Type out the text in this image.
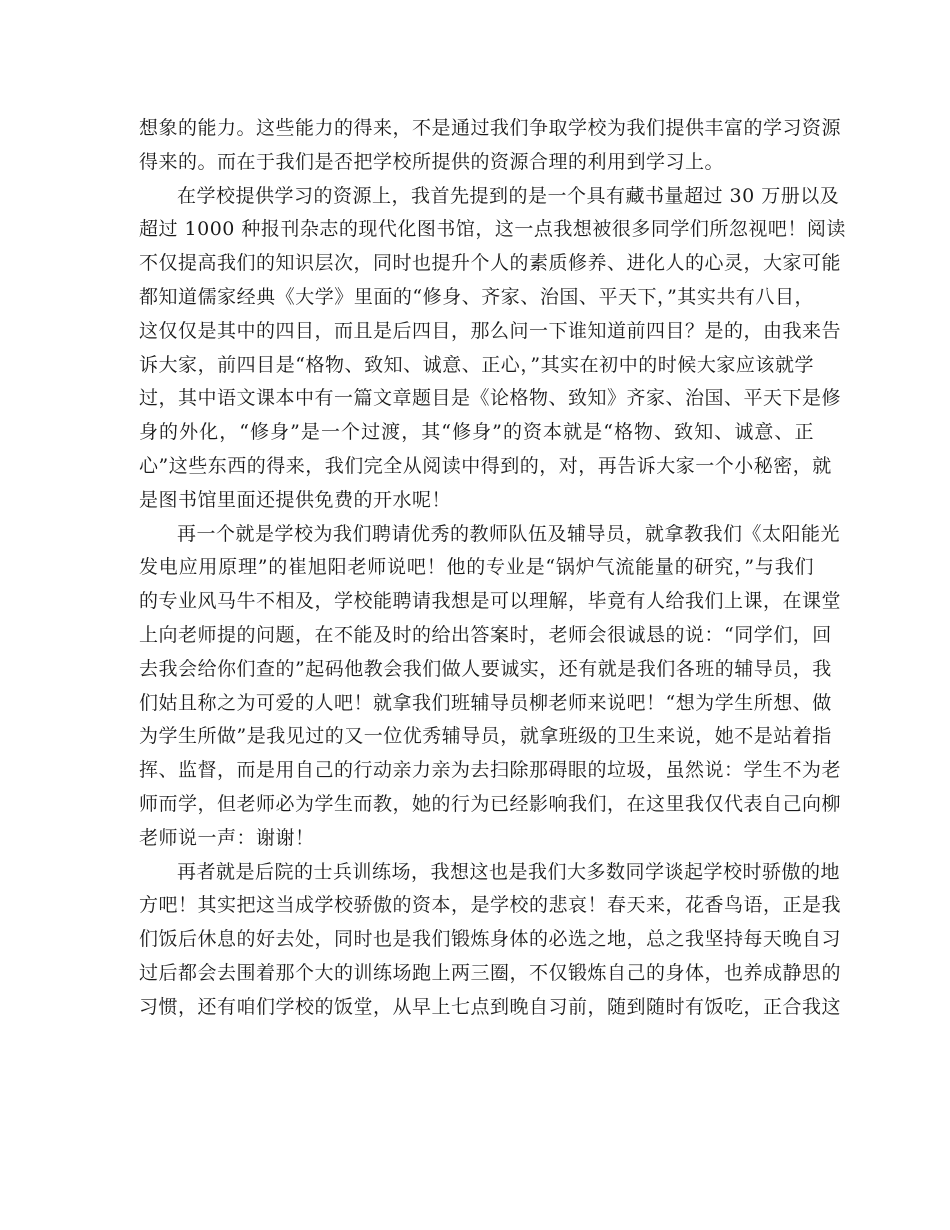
想象的能力。这些能力的得来，不是通过我们争取学校为我们提供丰富的学习资源
得来的。而在于我们是否把学校所提供的资源合理的利用到学习上。
在学校提供学习的资源上，我首先提到的是一个具有藏书量超过 30 万册以及
超过 1000 种报刊杂志的现代化图书馆，这一点我想被很多同学们所忽视吧！阅读
不仅提高我们的知识层次，同时也提升个人的素质修养、进化人的心灵，大家可能
都知道儒家经典《大学》里面的“修身、齐家、治国、平天下，”其实共有八目，
这仅仅是其中的四目，而且是后四目，那么问一下谁知道前四目？是的，由我来告
诉大家，前四目是“格物、致知、诚意、正心，”其实在初中的时候大家应该就学
过，其中语文课本中有一篇文章题目是《论格物、致知》齐家、治国、平天下是修
身的外化，“修身”是一个过渡，其“修身”的资本就是“格物、致知、诚意、正
心”这些东西的得来，我们完全从阅读中得到的，对，再告诉大家一个小秘密，就
是图书馆里面还提供免费的开水呢！
再一个就是学校为我们聘请优秀的教师队伍及辅导员，就拿教我们《太阳能光
发电应用原理”的崔旭阳老师说吧！他的专业是“锅炉气流能量的研究，”与我们
的专业风马牛不相及，学校能聘请我想是可以理解，毕竟有人给我们上课，在课堂
上向老师提的问题，在不能及时的给出答案时，老师会很诚恳的说：“同学们，回
去我会给你们查的”起码他教会我们做人要诚实，还有就是我们各班的辅导员，我
们姑且称之为可爱的人吧！就拿我们班辅导员柳老师来说吧！“想为学生所想、做
为学生所做”是我见过的又一位优秀辅导员，就拿班级的卫生来说，她不是站着指
挥、监督，而是用自己的行动亲力亲为去扫除那碍眼的垃圾，虽然说：学生不为老
师而学，但老师必为学生而教，她的行为已经影响我们，在这里我仅代表自己向柳
老师说一声：谢谢！
再者就是后院的士兵训练场，我想这也是我们大多数同学谈起学校时骄傲的地
方吧！其实把这当成学校骄傲的资本，是学校的悲哀！春天来，花香鸟语，正是我
们饭后休息的好去处，同时也是我们锻炼身体的必选之地，总之我坚持每天晚自习
过后都会去围着那个大的训练场跑上两三圈，不仅锻炼自己的身体，也养成静思的
习惯，还有咱们学校的饭堂，从早上七点到晚自习前，随到随时有饭吃，正合我这
